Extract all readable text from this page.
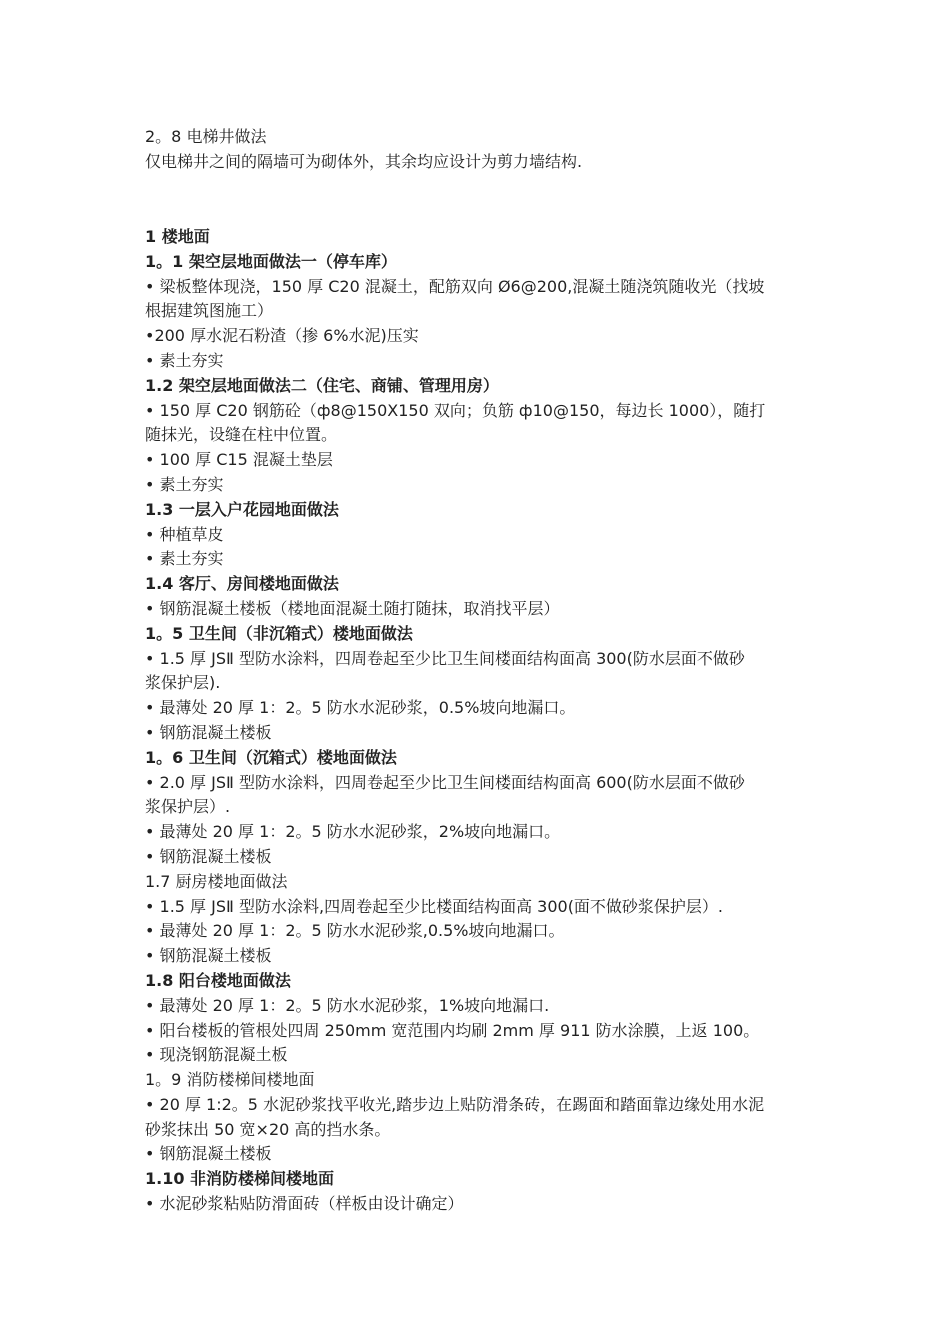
2。8 电梯井做法
仅电梯井之间的隔墙可为砌体外，其余均应设计为剪力墙结构.
1 楼地面
1。1 架空层地面做法一（停车库）
• 梁板整体现浇，150 厚 C20 混凝土，配筋双向 Ø6@200,混凝土随浇筑随收光（找坡
根据建筑图施工）
•200 厚水泥石粉渣（掺 6%水泥)压实
• 素土夯实
1.2 架空层地面做法二（住宅、商铺、管理用房）
• 150 厚 C20 钢筋砼（ф8@150X150 双向；负筋 ф10@150，每边长 1000），随打
随抹光，设缝在柱中位置。
• 100 厚 C15 混凝土垫层
• 素土夯实
1.3 一层入户花园地面做法
• 种植草皮
• 素土夯实
1.4 客厅、房间楼地面做法
• 钢筋混凝土楼板（楼地面混凝土随打随抹，取消找平层）
1。5 卫生间（非沉箱式）楼地面做法
• 1.5 厚 JSⅡ 型防水涂料，四周卷起至少比卫生间楼面结构面高 300(防水层面不做砂
浆保护层).
• 最薄处 20 厚 1：2。5 防水水泥砂浆，0.5%坡向地漏口。
• 钢筋混凝土楼板
1。6 卫生间（沉箱式）楼地面做法
• 2.0 厚 JSⅡ 型防水涂料，四周卷起至少比卫生间楼面结构面高 600(防水层面不做砂
浆保护层）.
• 最薄处 20 厚 1：2。5 防水水泥砂浆，2%坡向地漏口。
• 钢筋混凝土楼板
1.7 厨房楼地面做法
• 1.5 厚 JSⅡ 型防水涂料,四周卷起至少比楼面结构面高 300(面不做砂浆保护层）.
• 最薄处 20 厚 1：2。5 防水水泥砂浆,0.5%坡向地漏口。
• 钢筋混凝土楼板
1.8 阳台楼地面做法
• 最薄处 20 厚 1：2。5 防水水泥砂浆，1%坡向地漏口.
• 阳台楼板的管根处四周 250mm 宽范围内均刷 2mm 厚 911 防水涂膜，上返 100。
• 现浇钢筋混凝土板
1。9 消防楼梯间楼地面
• 20 厚 1:2。5 水泥砂浆找平收光,踏步边上贴防滑条砖，在踢面和踏面靠边缘处用水泥
砂浆抹出 50 宽×20 高的挡水条。
• 钢筋混凝土楼板
1.10 非消防楼梯间楼地面
• 水泥砂浆粘贴防滑面砖（样板由设计确定）
